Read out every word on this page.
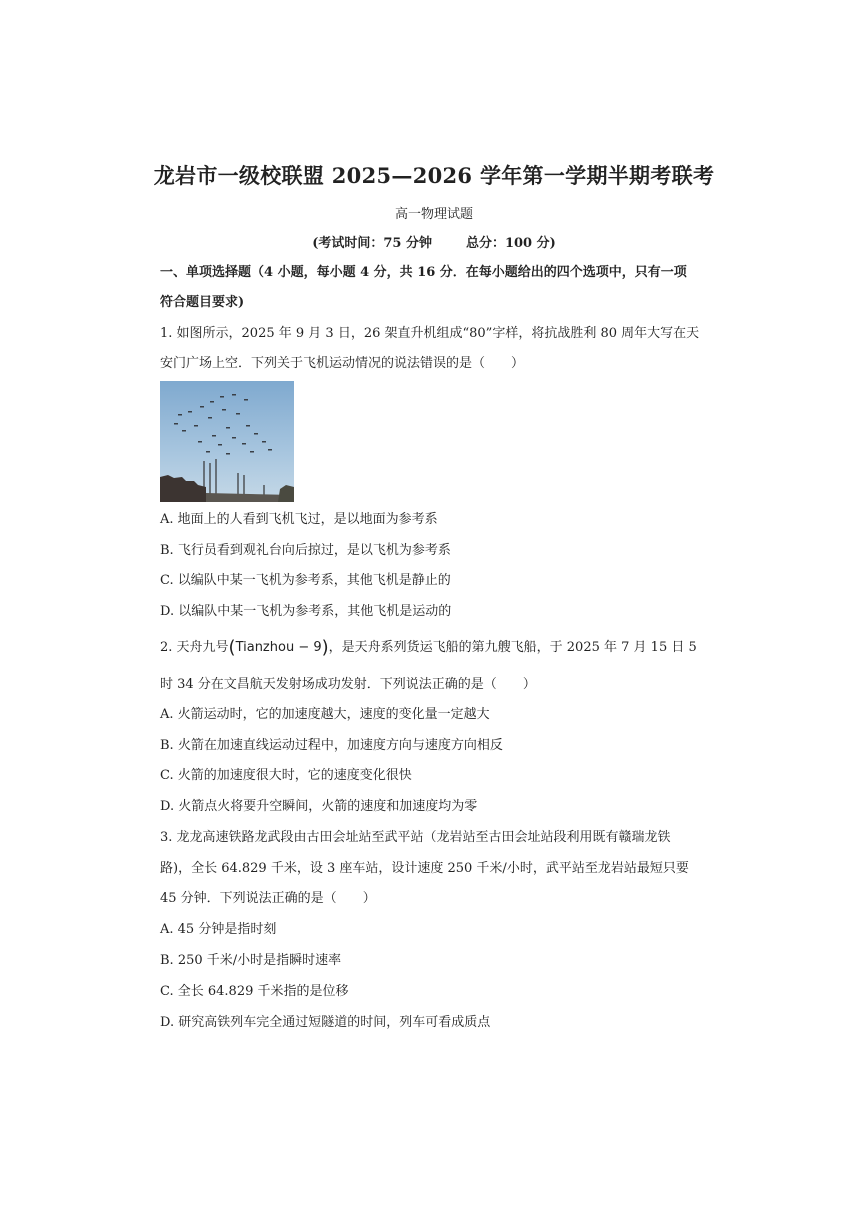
龙岩市一级校联盟 2025—2026 学年第一学期半期考联考
高一物理试题
(考试时间：75 分钟	总分：100 分)
一、单项选择题（4 小题，每小题 4 分，共 16 分．在每小题给出的四个选项中，只有一项
符合题目要求)
1. 如图所示，2025 年 9 月 3 日，26 架直升机组成“80”字样，将抗战胜利 80 周年大写在天
安门广场上空．下列关于飞机运动情况的说法错误的是（ ）
A. 地面上的人看到飞机飞过，是以地面为参考系
B. 飞行员看到观礼台向后掠过，是以飞机为参考系
C. 以编队中某一飞机为参考系，其他飞机是静止的
D. 以编队中某一飞机为参考系，其他飞机是运动的
2. 天舟九号(Tianzhou − 9)，是天舟系列货运飞船的第九艘飞船，于 2025 年 7 月 15 日 5
时 34 分在文昌航天发射场成功发射．下列说法正确的是（ ）
A. 火箭运动时，它的加速度越大，速度的变化量一定越大
B. 火箭在加速直线运动过程中，加速度方向与速度方向相反
C. 火箭的加速度很大时，它的速度变化很快
D. 火箭点火将要升空瞬间，火箭的速度和加速度均为零
3. 龙龙高速铁路龙武段由古田会址站至武平站（龙岩站至古田会址站段利用既有赣瑞龙铁
路)，全长 64.829 千米，设 3 座车站，设计速度 250 千米/小时，武平站至龙岩站最短只要
45 分钟．下列说法正确的是（ ）
A. 45 分钟是指时刻
B. 250 千米/小时是指瞬时速率
C. 全长 64.829 千米指的是位移
D. 研究高铁列车完全通过短隧道的时间，列车可看成质点
